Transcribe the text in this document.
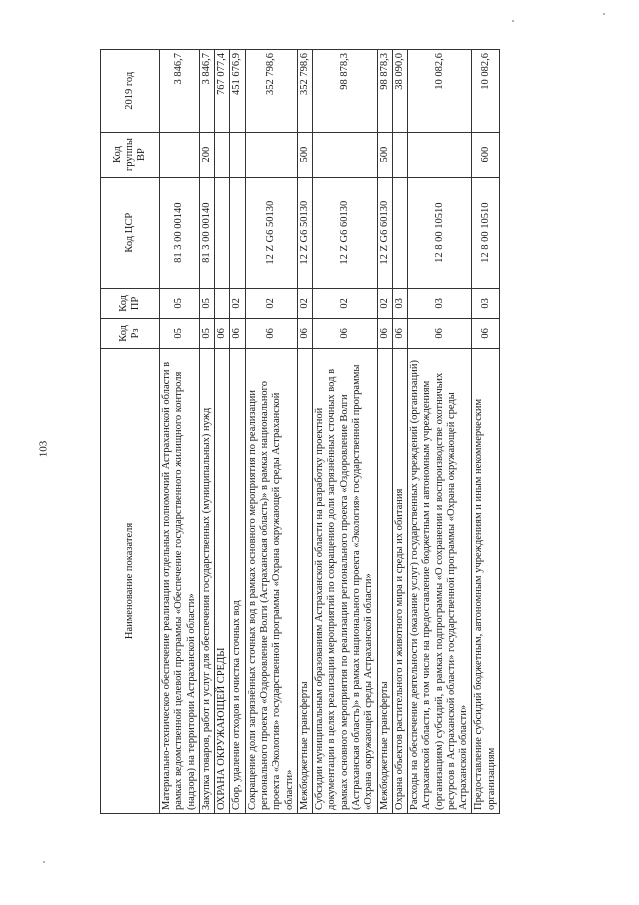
103
Наименование показателя	Код Рз	Код ПР	Код ЦСР	Код группы ВР	2019 год
Материально-техническое обеспечение реализации отдельных полномочий Астраханской области в рамках ведомственной целевой программы «Обеспечение государственного жилищного контроля (надзора) на территории Астраханской области»	05	05	81 3 00 00140		3 846,7
Закупка товаров, работ и услуг для обеспечения государственных (муниципальных) нужд	05	05	81 3 00 00140	200	3 846,7
ОХРАНА ОКРУЖАЮЩЕЙ СРЕДЫ	06				767 077,4
Сбор, удаление отходов и очистка сточных вод	06	02			451 676,9
Сокращение доли загрязнённых сточных вод в рамках основного мероприятия по реализации регионального проекта «Оздоровление Волги (Астраханская область)» в рамках национального проекта «Экология» государственной программы «Охрана окружающей среды Астраханской области»	06	02	12 Z G6 50130		352 798,6
Межбюджетные трансферты	06	02	12 Z G6 50130	500	352 798,6
Субсидии муниципальным образованиям Астраханской области на разработку проектной документации в целях реализации мероприятий по сокращению доли загрязнённых сточных вод в рамках основного мероприятия по реализации регионального проекта «Оздоровление Волги (Астраханская область)» в рамках национального проекта «Экология» государственной программы «Охрана окружающей среды Астраханской области»	06	02	12 Z G6 60130		98 878,3
Межбюджетные трансферты	06	02	12 Z G6 60130	500	98 878,3
Охрана объектов растительного и животного мира и среды их обитания	06	03			38 090,0
Расходы на обеспечение деятельности (оказание услуг) государственных учреждений (организаций) Астраханской области, в том числе на предоставление бюджетным и автономным учреждениям (организациям) субсидий, в рамках подпрограммы «О сохранении и воспроизводстве охотничьих ресурсов в Астраханской области» государственной программы «Охрана окружающей среды Астраханской области»	06	03	12 8 00 10510		10 082,6
Предоставление субсидий бюджетным, автономным учреждениям и иным некоммерческим организациям	06	03	12 8 00 10510	600	10 082,6
